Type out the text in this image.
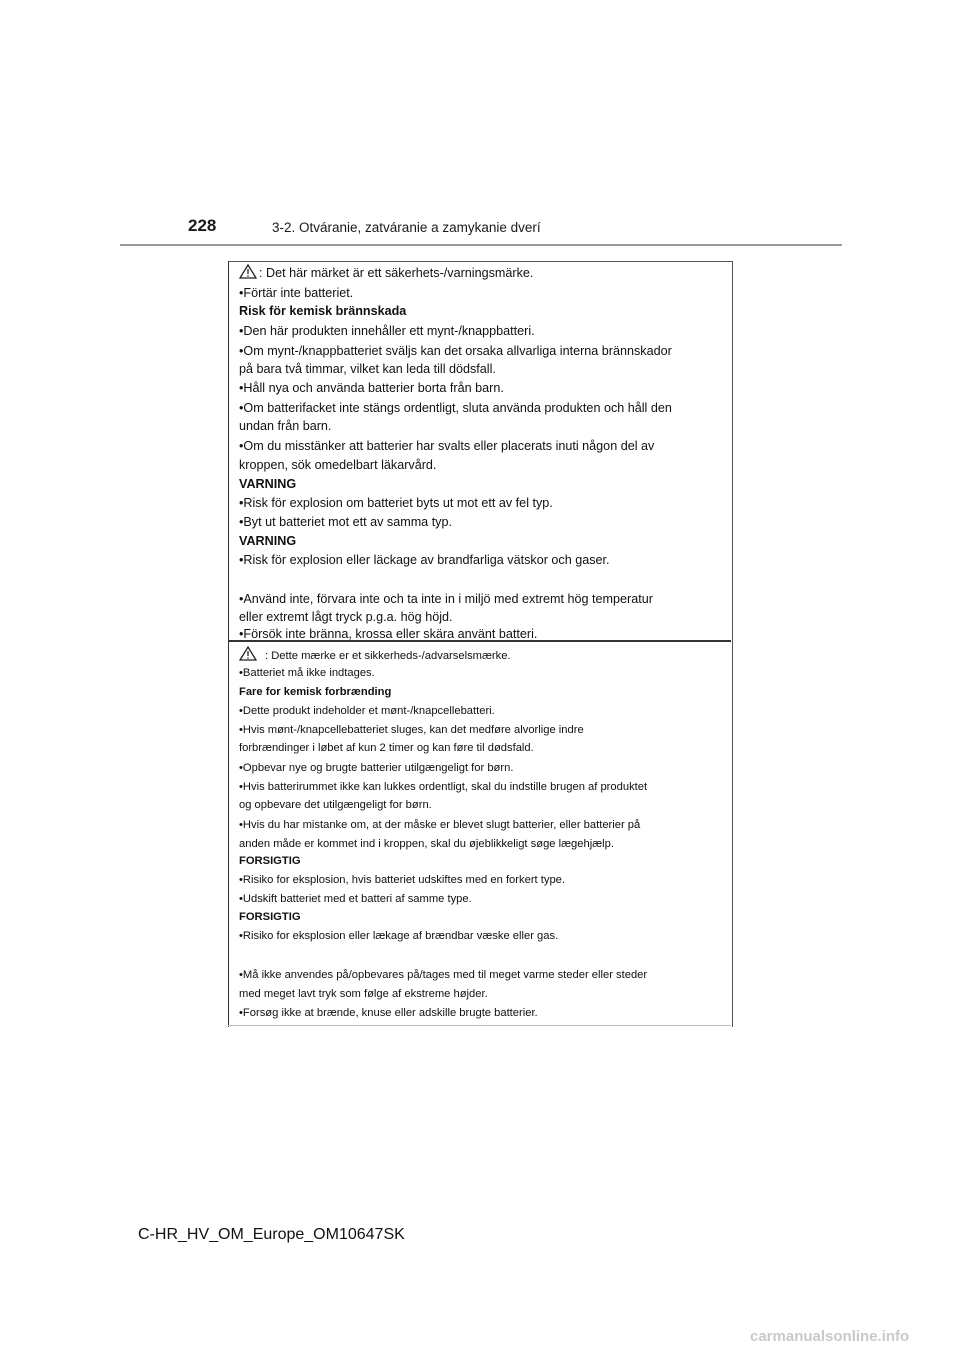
228	3-2. Otváranie, zatváranie a zamykanie dverí
: Det här märket är ett säkerhets-/varningsmärke.
•Förtär inte batteriet.
Risk för kemisk brännskada
•Den här produkten innehåller ett mynt-/knappbatteri.
•Om mynt-/knappbatteriet sväljs kan det orsaka allvarliga interna brännskador
på bara två timmar, vilket kan leda till dödsfall.
•Håll nya och använda batterier borta från barn.
•Om batterifacket inte stängs ordentligt, sluta använda produkten och håll den
undan från barn.
•Om du misstänker att batterier har svalts eller placerats inuti någon del av
kroppen, sök omedelbart läkarvård.
VARNING
•Risk för explosion om batteriet byts ut mot ett av fel typ.
•Byt ut batteriet mot ett av samma typ.
VARNING
•Risk för explosion eller läckage av brandfarliga vätskor och gaser.
•Använd inte, förvara inte och ta inte in i miljö med extremt hög temperatur
eller extremt lågt tryck p.g.a. hög höjd.
•Försök inte bränna, krossa eller skära använt batteri.
: Dette mærke er et sikkerheds-/advarselsmærke.
•Batteriet må ikke indtages.
Fare for kemisk forbrænding
•Dette produkt indeholder et mønt-/knapcellebatteri.
•Hvis mønt-/knapcellebatteriet sluges, kan det medføre alvorlige indre
forbrændinger i løbet af kun 2 timer og kan føre til dødsfald.
•Opbevar nye og brugte batterier utilgængeligt for børn.
•Hvis batterirummet ikke kan lukkes ordentligt, skal du indstille brugen af produktet
og opbevare det utilgængeligt for børn.
•Hvis du har mistanke om, at der måske er blevet slugt batterier, eller batterier på
anden måde er kommet ind i kroppen, skal du øjeblikkeligt søge lægehjælp.
FORSIGTIG
•Risiko for eksplosion, hvis batteriet udskiftes med en forkert type.
•Udskift batteriet med et batteri af samme type.
FORSIGTIG
•Risiko for eksplosion eller lækage af brændbar væske eller gas.
•Må ikke anvendes på/opbevares på/tages med til meget varme steder eller steder
med meget lavt tryk som følge af ekstreme højder.
•Forsøg ikke at brænde, knuse eller adskille brugte batterier.
C-HR_HV_OM_Europe_OM10647SK
carmanualsonline.info
